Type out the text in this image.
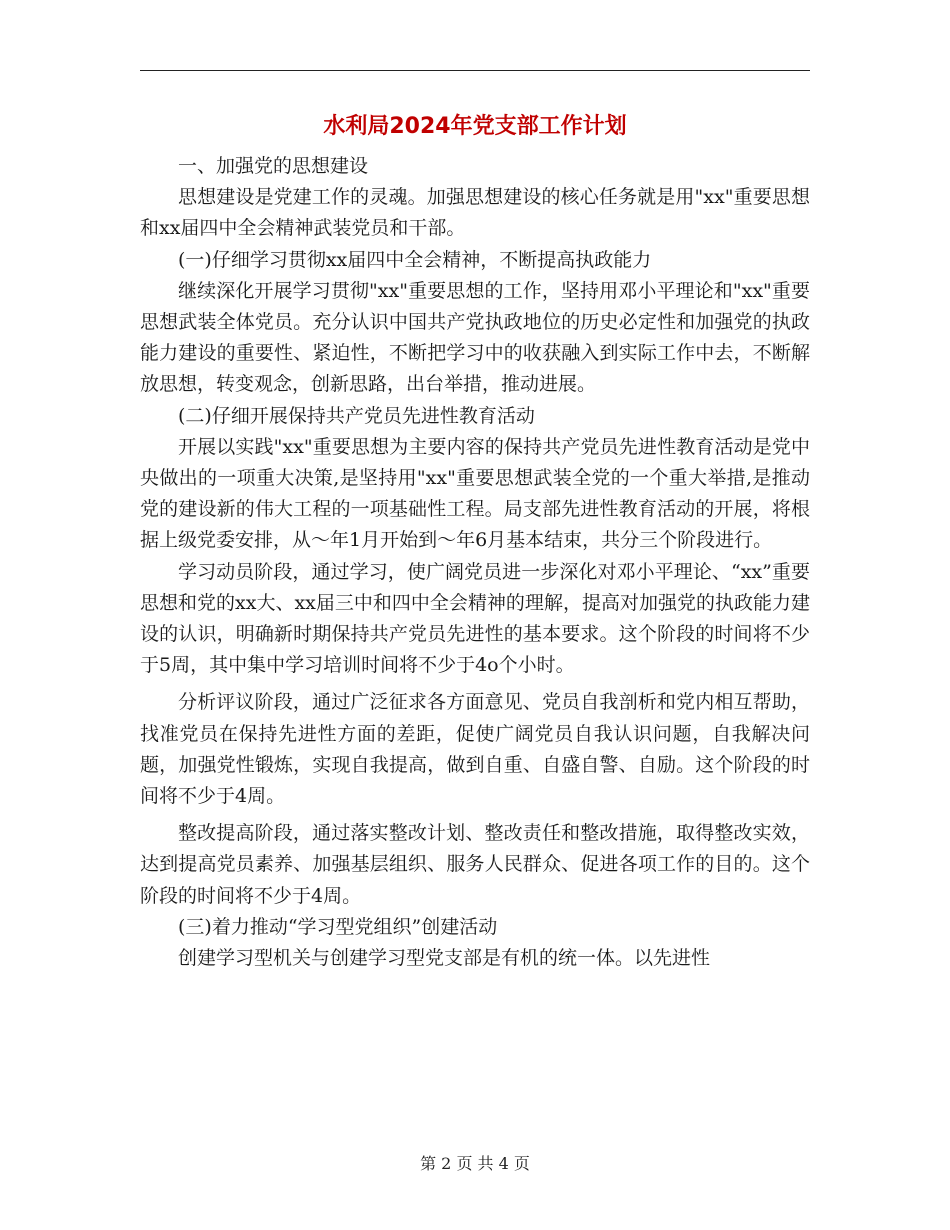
水利局2024年党支部工作计划

一、加强党的思想建设

思想建设是党建工作的灵魂。加强思想建设的核心任务就是用"xx"重要思想和xx届四中全会精神武装党员和干部。

(一)仔细学习贯彻xx届四中全会精神，不断提高执政能力

继续深化开展学习贯彻"xx"重要思想的工作，坚持用邓小平理论和"xx"重要思想武装全体党员。充分认识中国共产党执政地位的历史必定性和加强党的执政能力建设的重要性、紧迫性，不断把学习中的收获融入到实际工作中去，不断解放思想，转变观念，创新思路，出台举措，推动进展。

(二)仔细开展保持共产党员先进性教育活动

开展以实践"xx"重要思想为主要内容的保持共产党员先进性教育活动是党中央做出的一项重大决策,是坚持用"xx"重要思想武装全党的一个重大举措,是推动党的建设新的伟大工程的一项基础性工程。局支部先进性教育活动的开展，将根据上级党委安排，从～年1月开始到～年6月基本结束，共分三个阶段进行。

学习动员阶段，通过学习，使广阔党员进一步深化对邓小平理论、“xx”重要思想和党的xx大、xx届三中和四中全会精神的理解，提高对加强党的执政能力建设的认识，明确新时期保持共产党员先进性的基本要求。这个阶段的时间将不少于5周，其中集中学习培训时间将不少于4o个小时。

分析评议阶段，通过广泛征求各方面意见、党员自我剖析和党内相互帮助，找准党员在保持先进性方面的差距，促使广阔党员自我认识问题，自我解决问题，加强党性锻炼，实现自我提高，做到自重、自盛自警、自励。这个阶段的时间将不少于4周。

整改提高阶段，通过落实整改计划、整改责任和整改措施，取得整改实效，达到提高党员素养、加强基层组织、服务人民群众、促进各项工作的目的。这个阶段的时间将不少于4周。

(三)着力推动“学习型党组织”创建活动

创建学习型机关与创建学习型党支部是有机的统一体。以先进性

第 2 页 共 4 页
